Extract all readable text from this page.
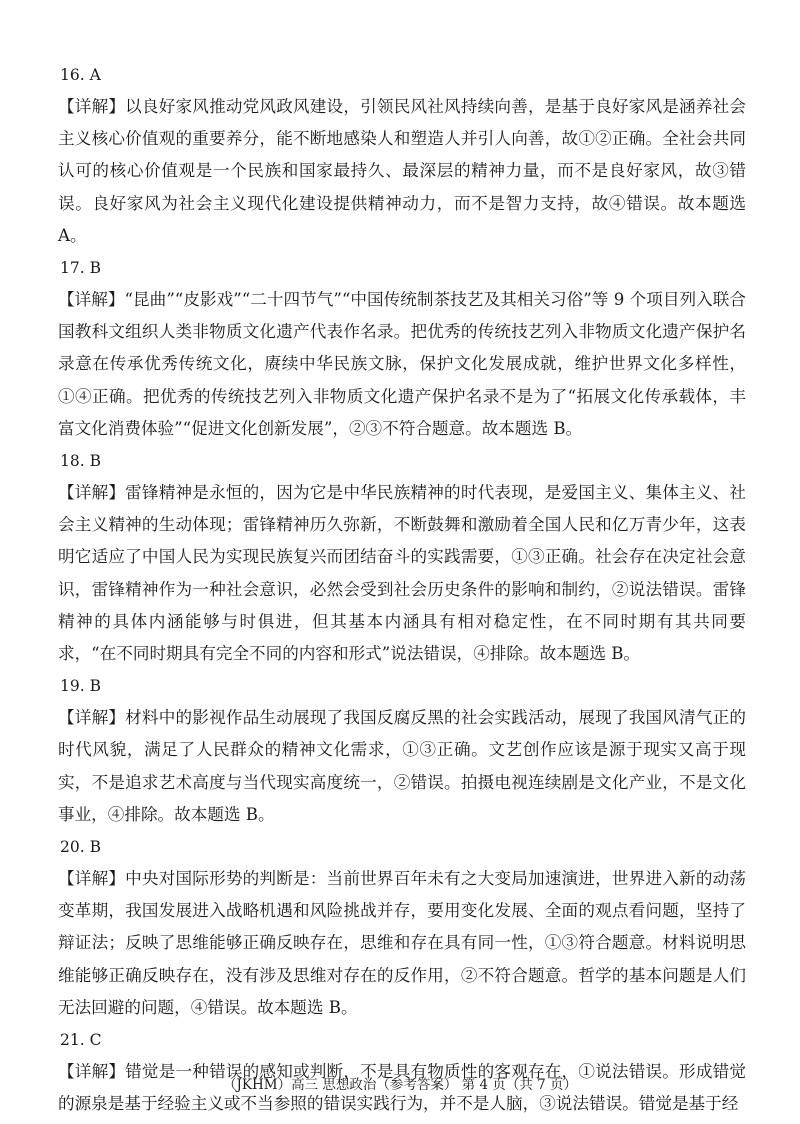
16. A

【详解】以良好家风推动党风政风建设，引领民风社风持续向善，是基于良好家风是涵养社会主义核心价值观的重要养分，能不断地感染人和塑造人并引人向善，故①②正确。全社会共同认可的核心价值观是一个民族和国家最持久、最深层的精神力量，而不是良好家风，故③错误。良好家风为社会主义现代化建设提供精神动力，而不是智力支持，故④错误。故本题选 A。

17. B

【详解】“昆曲”“皮影戏”“二十四节气”“中国传统制茶技艺及其相关习俗”等 9 个项目列入联合国教科文组织人类非物质文化遗产代表作名录。把优秀的传统技艺列入非物质文化遗产保护名录意在传承优秀传统文化，赓续中华民族文脉，保护文化发展成就，维护世界文化多样性，①④正确。把优秀的传统技艺列入非物质文化遗产保护名录不是为了“拓展文化传承载体，丰富文化消费体验”“促进文化创新发展”，②③不符合题意。故本题选 B。

18. B

【详解】雷锋精神是永恒的，因为它是中华民族精神的时代表现，是爱国主义、集体主义、社会主义精神的生动体现；雷锋精神历久弥新，不断鼓舞和激励着全国人民和亿万青少年，这表明它适应了中国人民为实现民族复兴而团结奋斗的实践需要，①③正确。社会存在决定社会意识，雷锋精神作为一种社会意识，必然会受到社会历史条件的影响和制约，②说法错误。雷锋精神的具体内涵能够与时俱进，但其基本内涵具有相对稳定性，在不同时期有其共同要求，“在不同时期具有完全不同的内容和形式”说法错误，④排除。故本题选 B。

19. B

【详解】材料中的影视作品生动展现了我国反腐反黑的社会实践活动，展现了我国风清气正的时代风貌，满足了人民群众的精神文化需求，①③正确。文艺创作应该是源于现实又高于现实，不是追求艺术高度与当代现实高度统一，②错误。拍摄电视连续剧是文化产业，不是文化事业，④排除。故本题选 B。

20. B

【详解】中央对国际形势的判断是：当前世界百年未有之大变局加速演进，世界进入新的动荡变革期，我国发展进入战略机遇和风险挑战并存，要用变化发展、全面的观点看问题，坚持了辩证法；反映了思维能够正确反映存在，思维和存在具有同一性，①③符合题意。材料说明思维能够正确反映存在，没有涉及思维对存在的反作用，②不符合题意。哲学的基本问题是人们无法回避的问题，④错误。故本题选 B。

21. C

【详解】错觉是一种错误的感知或判断，不是具有物质性的客观存在，①说法错误。形成错觉的源泉是基于经验主义或不当参照的错误实践行为，并不是人脑，③说法错误。错觉是基于经

（JKHM）高三 思想政治（参考答案） 第 4 页（共 7 页）
